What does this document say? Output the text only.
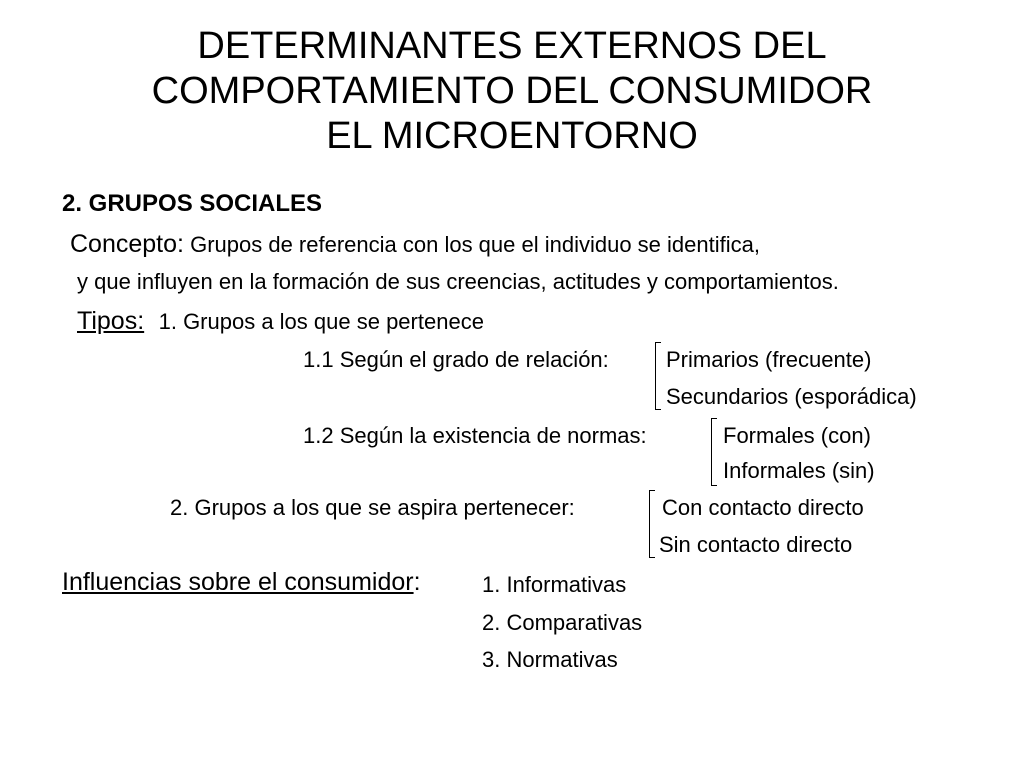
DETERMINANTES EXTERNOS DEL
COMPORTAMIENTO DEL CONSUMIDOR
EL MICROENTORNO
2. GRUPOS SOCIALES
Concepto: Grupos de referencia con los que el individuo se identifica,
y que influyen en la formación de sus creencias, actitudes y comportamientos.
Tipos: 1. Grupos a los que se pertenece
1.1 Según el grado de relación:	Primarios (frecuente)
Secundarios (esporádica)
1.2 Según la existencia de normas:	Formales (con)
Informales (sin)
2. Grupos a los que se aspira pertenecer:	Con contacto directo
Sin contacto directo
Influencias sobre el consumidor:	1. Informativas
2. Comparativas
3. Normativas
